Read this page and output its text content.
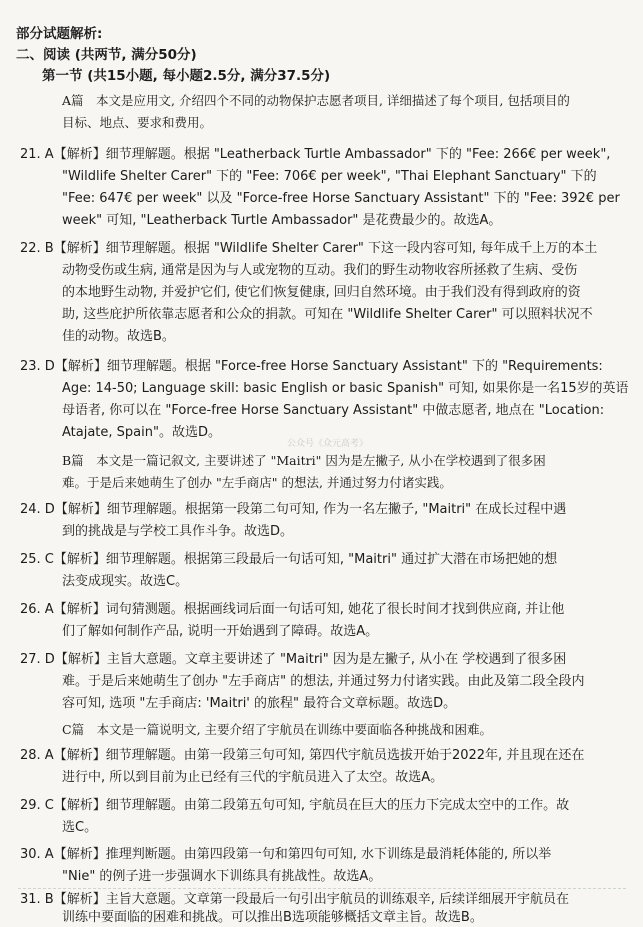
部分试题解析:
二、阅读 (共两节, 满分50分)
第一节 (共15小题, 每小题2.5分, 满分37.5分)
A篇　本文是应用文, 介绍四个不同的动物保护志愿者项目, 详细描述了每个项目, 包括项目的
目标、地点、要求和费用。
21. A【解析】细节理解题。根据 "Leatherback Turtle Ambassador" 下的 "Fee: 266€ per week",
"Wildlife Shelter Carer" 下的 "Fee: 706€ per week", "Thai Elephant Sanctuary" 下的
"Fee: 647€ per week" 以及 "Force-free Horse Sanctuary Assistant" 下的 "Fee: 392€ per
week" 可知, "Leatherback Turtle Ambassador" 是花费最少的。故选A。
22. B【解析】细节理解题。根据 "Wildlife Shelter Carer" 下这一段内容可知, 每年成千上万的本土
动物受伤或生病, 通常是因为与人或宠物的互动。我们的野生动物收容所拯救了生病、受伤
的本地野生动物, 并爱护它们, 使它们恢复健康, 回归自然环境。由于我们没有得到政府的资
助, 这些庇护所依靠志愿者和公众的捐款。可知在 "Wildlife Shelter Carer" 可以照料状况不
佳的动物。故选B。
23. D【解析】细节理解题。根据 "Force-free Horse Sanctuary Assistant" 下的 "Requirements:
Age: 14-50; Language skill: basic English or basic Spanish" 可知, 如果你是一名15岁的英语
母语者, 你可以在 "Force-free Horse Sanctuary Assistant" 中做志愿者, 地点在 "Location:
Atajate, Spain"。故选D。
公众号《众元高考》
B篇　本文是一篇记叙文, 主要讲述了 "Maitri" 因为是左撇子, 从小在学校遇到了很多困
难。于是后来她萌生了创办 "左手商店" 的想法, 并通过努力付诸实践。
24. D【解析】细节理解题。根据第一段第二句可知, 作为一名左撇子, "Maitri" 在成长过程中遇
到的挑战是与学校工具作斗争。故选D。
25. C【解析】细节理解题。根据第三段最后一句话可知, "Maitri" 通过扩大潜在市场把她的想
法变成现实。故选C。
26. A【解析】词句猜测题。根据画线词后面一句话可知, 她花了很长时间才找到供应商, 并让他
们了解如何制作产品, 说明一开始遇到了障碍。故选A。
27. D【解析】主旨大意题。文章主要讲述了 "Maitri" 因为是左撇子, 从小在 学校遇到了很多困
难。于是后来她萌生了创办 "左手商店" 的想法, 并通过努力付诸实践。由此及第二段全段内
容可知, 选项 "左手商店: 'Maitri' 的旅程" 最符合文章标题。故选D。
C篇　本文是一篇说明文, 主要介绍了宇航员在训练中要面临各种挑战和困难。
28. A【解析】细节理解题。由第一段第三句可知, 第四代宇航员选拔开始于2022年, 并且现在还在
进行中, 所以到目前为止已经有三代的宇航员进入了太空。故选A。
29. C【解析】细节理解题。由第二段第五句可知, 宇航员在巨大的压力下完成太空中的工作。故
选C。
30. A【解析】推理判断题。由第四段第一句和第四句可知, 水下训练是最消耗体能的, 所以举
"Nie" 的例子进一步强调水下训练具有挑战性。故选A。
31. B【解析】主旨大意题。文章第一段最后一句引出宇航员的训练艰辛, 后续详细展开宇航员在
训练中要面临的困难和挑战。可以推出B选项能够概括文章主旨。故选B。
